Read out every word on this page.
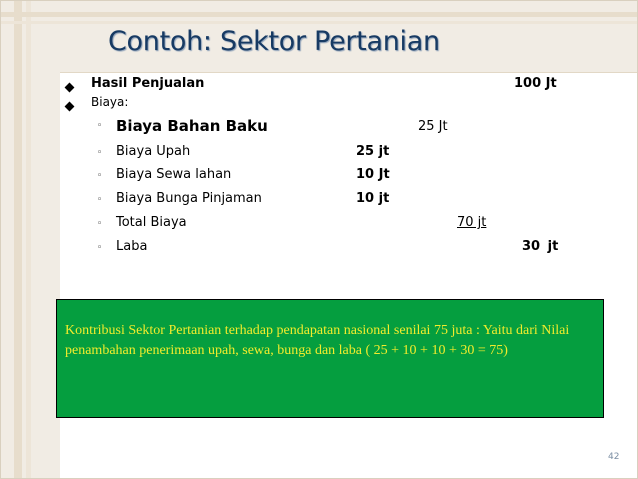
Contoh: Sektor Pertanian
Hasil Penjualan	100 Jt
Biaya:
◦ Biaya Bahan Baku	25 Jt
◦ Biaya Upah	25 jt
◦ Biaya Sewa lahan	10 Jt
◦ Biaya Bunga Pinjaman	10 jt
◦ Total Biaya	70 jt
◦ Laba	30 jt
Kontribusi Sektor Pertanian terhadap pendapatan nasional senilai 75 juta : Yaitu dari Nilai penambahan penerimaan upah, sewa, bunga dan laba ( 25 + 10 + 10 + 30 = 75)
42
